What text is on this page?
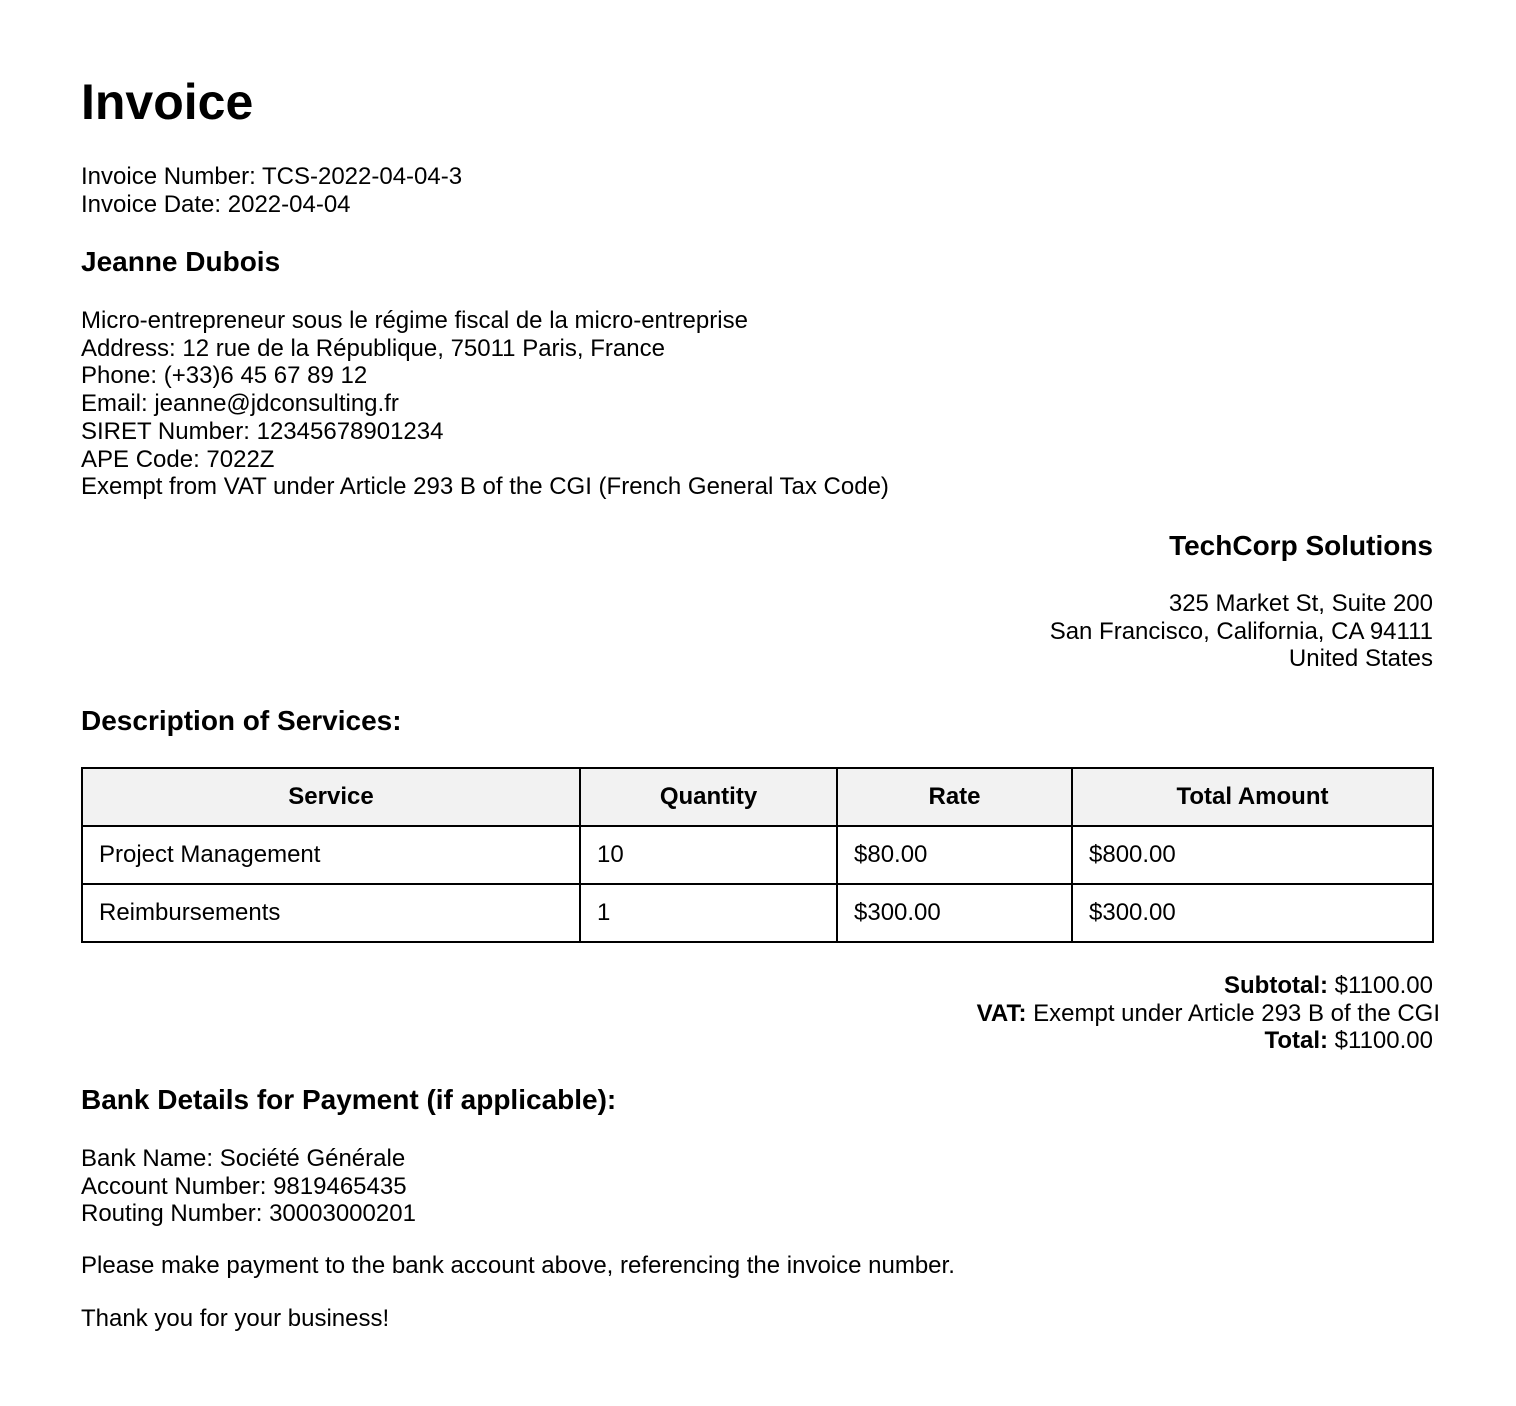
Invoice
Invoice Number: TCS-2022-04-04-3
Invoice Date: 2022-04-04
Jeanne Dubois
Micro-entrepreneur sous le régime fiscal de la micro-entreprise
Address: 12 rue de la République, 75011 Paris, France
Phone: (+33)6 45 67 89 12
Email: jeanne@jdconsulting.fr
SIRET Number: 12345678901234
APE Code: 7022Z
Exempt from VAT under Article 293 B of the CGI (French General Tax Code)
TechCorp Solutions
325 Market St, Suite 200
San Francisco, California, CA 94111
United States
Description of Services:
Service	Quantity	Rate	Total Amount
Project Management	10	$80.00	$800.00
Reimbursements	1	$300.00	$300.00
Subtotal: $1100.00
VAT: Exempt under Article 293 B of the CGI
Total: $1100.00
Bank Details for Payment (if applicable):
Bank Name: Société Générale
Account Number: 9819465435
Routing Number: 30003000201

Please make payment to the bank account above, referencing the invoice number.

Thank you for your business!
